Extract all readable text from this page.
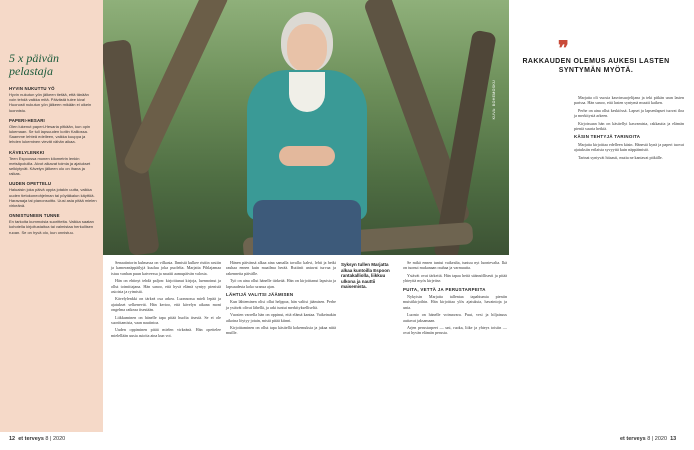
5 x päivän
pelastaja
HYVIN NUKUTTU YÖ
Hyvin nukutun yön jälkeen tietää, että tänään voin tehdä vaikka mitä. Päivästä tulee kiva! Huonosti nukutun yön jälkeen mikään ei oikein luonnistu.
PAPERI-HESARI
Olen lukenut paperi-Hesaria pitkään, kun opin lukemaan. Se tuli lapsuuden kotiin Kalliossa. Saamme lehteä edelleen, vaikka kuuppa ja lehden lukeminen vievät vähän aikaa.
KÄVELYLENKKI
Teen Espoossa monen kilometrin lenkin metsäpoluilla. Aivot alkavat toimia ja ajatukset selkiytyvät. Kävelyn jälkeen olo on ihana ja raikas.
UUDEN OPETTELU
Haluaisin joka päivä oppia jotakin uutta, vaikka uuden tietokoneohjelman tai pöytäkalun käyttöä. Haravaaja tai pianonsoitto. Uusi asia pitää mielen virkeänä.
ONNISTUNEEN TUNNE
En tarkoita kummoisia suoritteita. Vaikka saatan kohotella kirjoitustaitoa tai valmistaa herkullisen ruoan. Se on hyvä olo, kun onnistuu.
KUVA: BOHEMOSKU

Senaatintorin kulmassa on vilkasta. Ihmisiä kulkee ristiin rastiin ja kameranäppäilyjä kuuluu joka puolelta. Marjatta Pihlajamaa istuu vanhan puun katveessa ja nauttii aamupäivän valosta.

Hän on ehtinyt tehdä paljon: kirjoittanut kirjoja, luennoinut ja ollut toimittajana. Hän sanoo, että hyvä elämä syntyy pienistä asioista ja rytmistä.

Kävelylenkki on tärkeä osa arkea. Luonnossa mieli lepää ja ajatukset selkenevät. Hän kertoo, että kävelyn aikana moni ongelma ratkeaa itsestään.

Liikkuminen on hänelle tapa pitää huolta itsestä. Se ei ole suorittamista, vaan nautintoa.

Uuden oppiminen pitää mielen virkeänä. Hän opettelee mielellään uusia asioita aina kun voi.

Hänen päivänsä alkaa aina samalla tavalla: kahvi, lehti ja hetki rauhaa ennen kuin maailma herää. Rutiinit antavat turvaa ja rakennetta päivälle.

Työ on aina ollut hänelle tärkeää. Hän on kirjoittanut lapsista ja lapsuudesta koko uransa ajan.

LÄHTIJÄ VALITSI JÄÄMISEN

Kun lähteminen olisi ollut helppoa, hän valitsi jäämisen. Perhe ja ystävät olivat lähellä, ja arki tuntui merkitykselliseltä.

Vuosien varrella hän on oppinut, että elämä kantaa. Vaikeinakin aikoina löytyy jotain, mistä pitää kiinni.

Kirjoittaminen on ollut tapa käsitellä kokemuksia ja jakaa niitä muille.

Syksyn tullen Marjatta alkaa kuntoilla Espoon rantakalliolla, liikkuu ulkona ja nauttii maisemista.

Se mikä ennen tuntui vaikealta, tuntuu nyt luontevalta. Ikä on tuonut mukanaan rauhaa ja varmuutta.

Ystävät ovat tärkeitä. Hän tapaa heitä säännöllisesti ja pitää yhteyttä myös kirjeitse.

PUITA, VETTÄ JA PERUSTARPEITA

Nykyisin Marjatta tallentaa tapahtumia pieniin muistikirjoihin. Hän kirjoittaa ylös ajatuksia, havaintoja ja unia.

Luonto on hänelle voimavara. Puut, vesi ja hiljaisuus auttavat jaksamaan.

Arjen perustarpeet — uni, ruoka, liike ja yhteys toisiin — ovat hyvän elämän perusta.

❞
RAKKAUDEN OLEMUS AUKESI LASTEN SYNTYMÄN MYÖTÄ.

Marjatta oli vuosia kasvinsuojelijana ja teki pitkän uran lasten parissa. Hän sanoo, että lasten syntymä muutti kaiken.

Perhe on aina ollut keskiössä. Lapset ja lapsenlapset tuovat iloa ja merkitystä arkeen.

Kirjoissaan hän on käsitellyt kasvamista, rakkautta ja elämän pieniä suuria hetkiä.

KÄSIN TEHTYJÄ TARINOITA

Marjatta kirjoittaa edelleen käsin. Hänestä kynä ja paperi tuovat ajatuksiin erilaista syvyyttä kuin näppäimistö.

Tarinat syntyvät hitaasti, mutta ne kantavat pitkälle.

12 et terveys 8 | 2020	et terveys 8 | 2020 13
